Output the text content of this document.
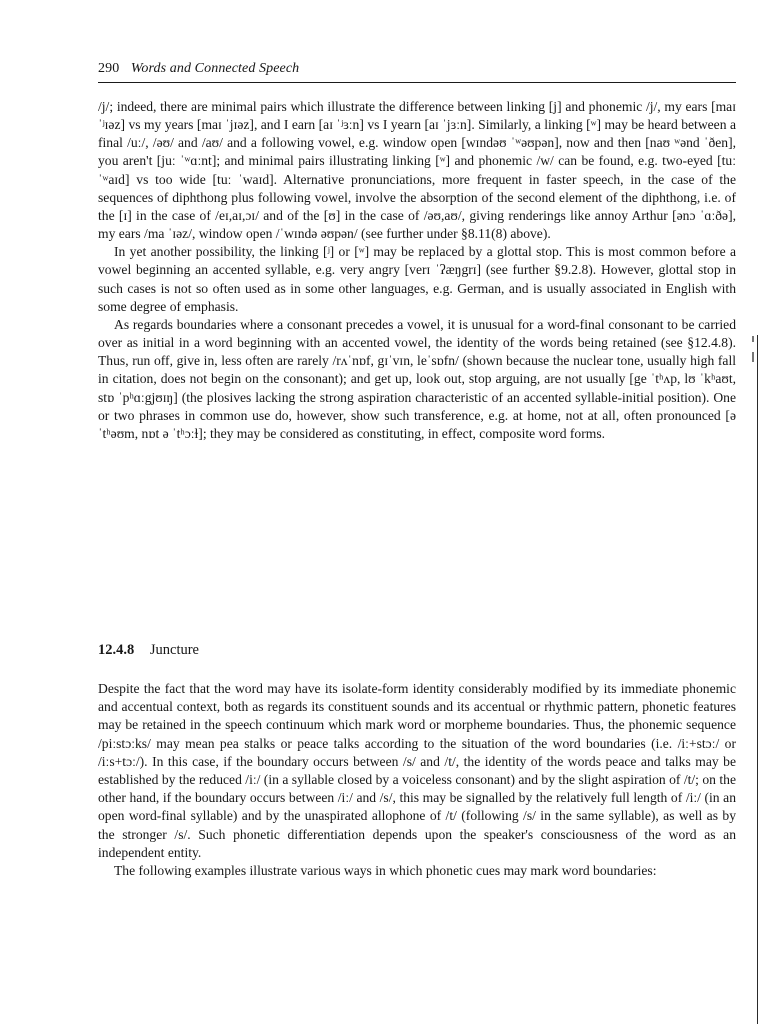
290 Words and Connected Speech

/j/; indeed, there are minimal pairs which illustrate the difference between linking [j] and phonemic /j/, my ears [maɪ ˈʲɪəz] vs my years [maɪ ˈjɪəz], and I earn [aɪ ˈʲɜːn] vs I yearn [aɪ ˈjɜːn]. Similarly, a linking [ʷ] may be heard between a final /uː/, /əʊ/ and /aʊ/ and a following vowel, e.g. window open [wɪndəʊ ˈʷəʊpən], now and then [naʊ ʷənd ˈðen], you aren't [juː ˈʷɑːnt]; and minimal pairs illustrating linking [ʷ] and phonemic /w/ can be found, e.g. two-eyed [tuː ˈʷaɪd] vs too wide [tuː ˈwaɪd]. Alternative pronunciations, more frequent in faster speech, in the case of the sequences of diphthong plus following vowel, involve the absorption of the second element of the diphthong, i.e. of the [ɪ] in the case of /eɪ,aɪ,ɔɪ/ and of the [ʊ] in the case of /əʊ,aʊ/, giving renderings like annoy Arthur [ənɔ ˈɑːðə], my ears /ma ˈɪəz/, window open /ˈwɪndə əʊpən/ (see further under §8.11(8) above).

In yet another possibility, the linking [ʲ] or [ʷ] may be replaced by a glottal stop. This is most common before a vowel beginning an accented syllable, e.g. very angry [verɪ ˈʔæŋgrɪ] (see further §9.2.8). However, glottal stop in such cases is not so often used as in some other languages, e.g. German, and is usually associated in English with some degree of emphasis.

As regards boundaries where a consonant precedes a vowel, it is unusual for a word-final consonant to be carried over as initial in a word beginning with an accented vowel, the identity of the words being retained (see §12.4.8). Thus, run off, give in, less often are rarely /rʌˈnɒf, gɪˈvɪn, leˈsɒfn/ (shown because the nuclear tone, usually high fall in citation, does not begin on the consonant); and get up, look out, stop arguing, are not usually [ge ˈtʰʌp, lʊ ˈkʰaʊt, stɒ ˈpʰɑːgjʊɪŋ] (the plosives lacking the strong aspiration characteristic of an accented syllable-initial position). One or two phrases in common use do, however, show such transference, e.g. at home, not at all, often pronounced [ə ˈtʰəʊm, nɒt ə ˈtʰɔːɫ]; they may be considered as constituting, in effect, composite word forms.

12.4.8 Juncture

Despite the fact that the word may have its isolate-form identity considerably modified by its immediate phonemic and accentual context, both as regards its constituent sounds and its accentual or rhythmic pattern, phonetic features may be retained in the speech continuum which mark word or morpheme boundaries. Thus, the phonemic sequence /piːstɔːks/ may mean pea stalks or peace talks according to the situation of the word boundaries (i.e. /iː+stɔː/ or /iːs+tɔː/). In this case, if the boundary occurs between /s/ and /t/, the identity of the words peace and talks may be established by the reduced /iː/ (in a syllable closed by a voiceless consonant) and by the slight aspiration of /t/; on the other hand, if the boundary occurs between /iː/ and /s/, this may be signalled by the relatively full length of /iː/ (in an open word-final syllable) and by the unaspirated allophone of /t/ (following /s/ in the same syllable), as well as by the stronger /s/. Such phonetic differentiation depends upon the speaker's consciousness of the word as an independent entity.

The following examples illustrate various ways in which phonetic cues may mark word boundaries:
